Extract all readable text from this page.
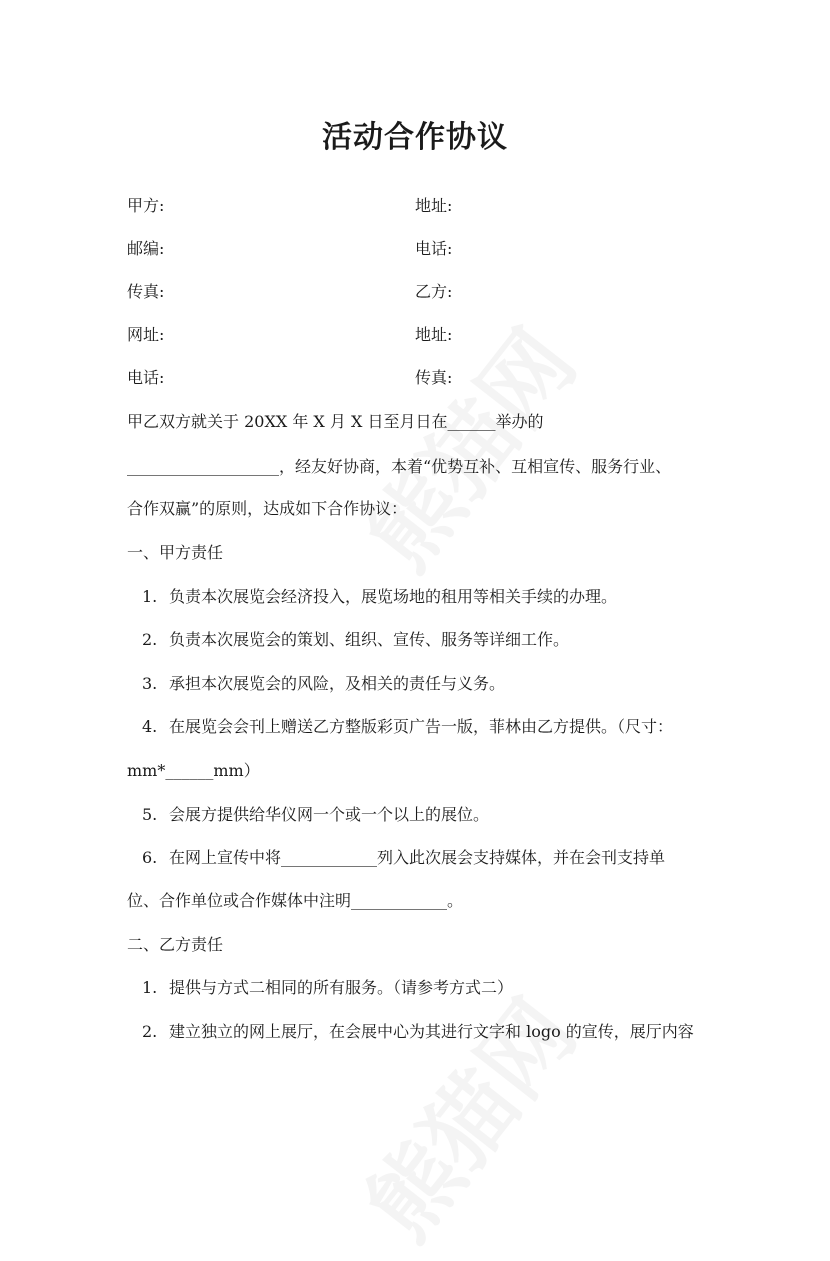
活动合作协议
甲方:	地址:
邮编:	电话:
传真:	乙方:
网址:	地址:
电话:	传真:
甲乙双方就关于 20XX 年 X 月 X 日至月日在______举办的
___________________，经友好协商，本着“优势互补、互相宣传、服务行业、
合作双赢”的原则，达成如下合作协议：
一、甲方责任
1. 负责本次展览会经济投入，展览场地的租用等相关手续的办理。
2. 负责本次展览会的策划、组织、宣传、服务等详细工作。
3. 承担本次展览会的风险，及相关的责任与义务。
4. 在展览会会刊上赠送乙方整版彩页广告一版，菲林由乙方提供。（尺寸：
mm*______mm）
5. 会展方提供给华仪网一个或一个以上的展位。
6. 在网上宣传中将____________列入此次展会支持媒体，并在会刊支持单
位、合作单位或合作媒体中注明____________。
二、乙方责任
1. 提供与方式二相同的所有服务。（请参考方式二）
2. 建立独立的网上展厅，在会展中心为其进行文字和 logo 的宣传，展厅内容
